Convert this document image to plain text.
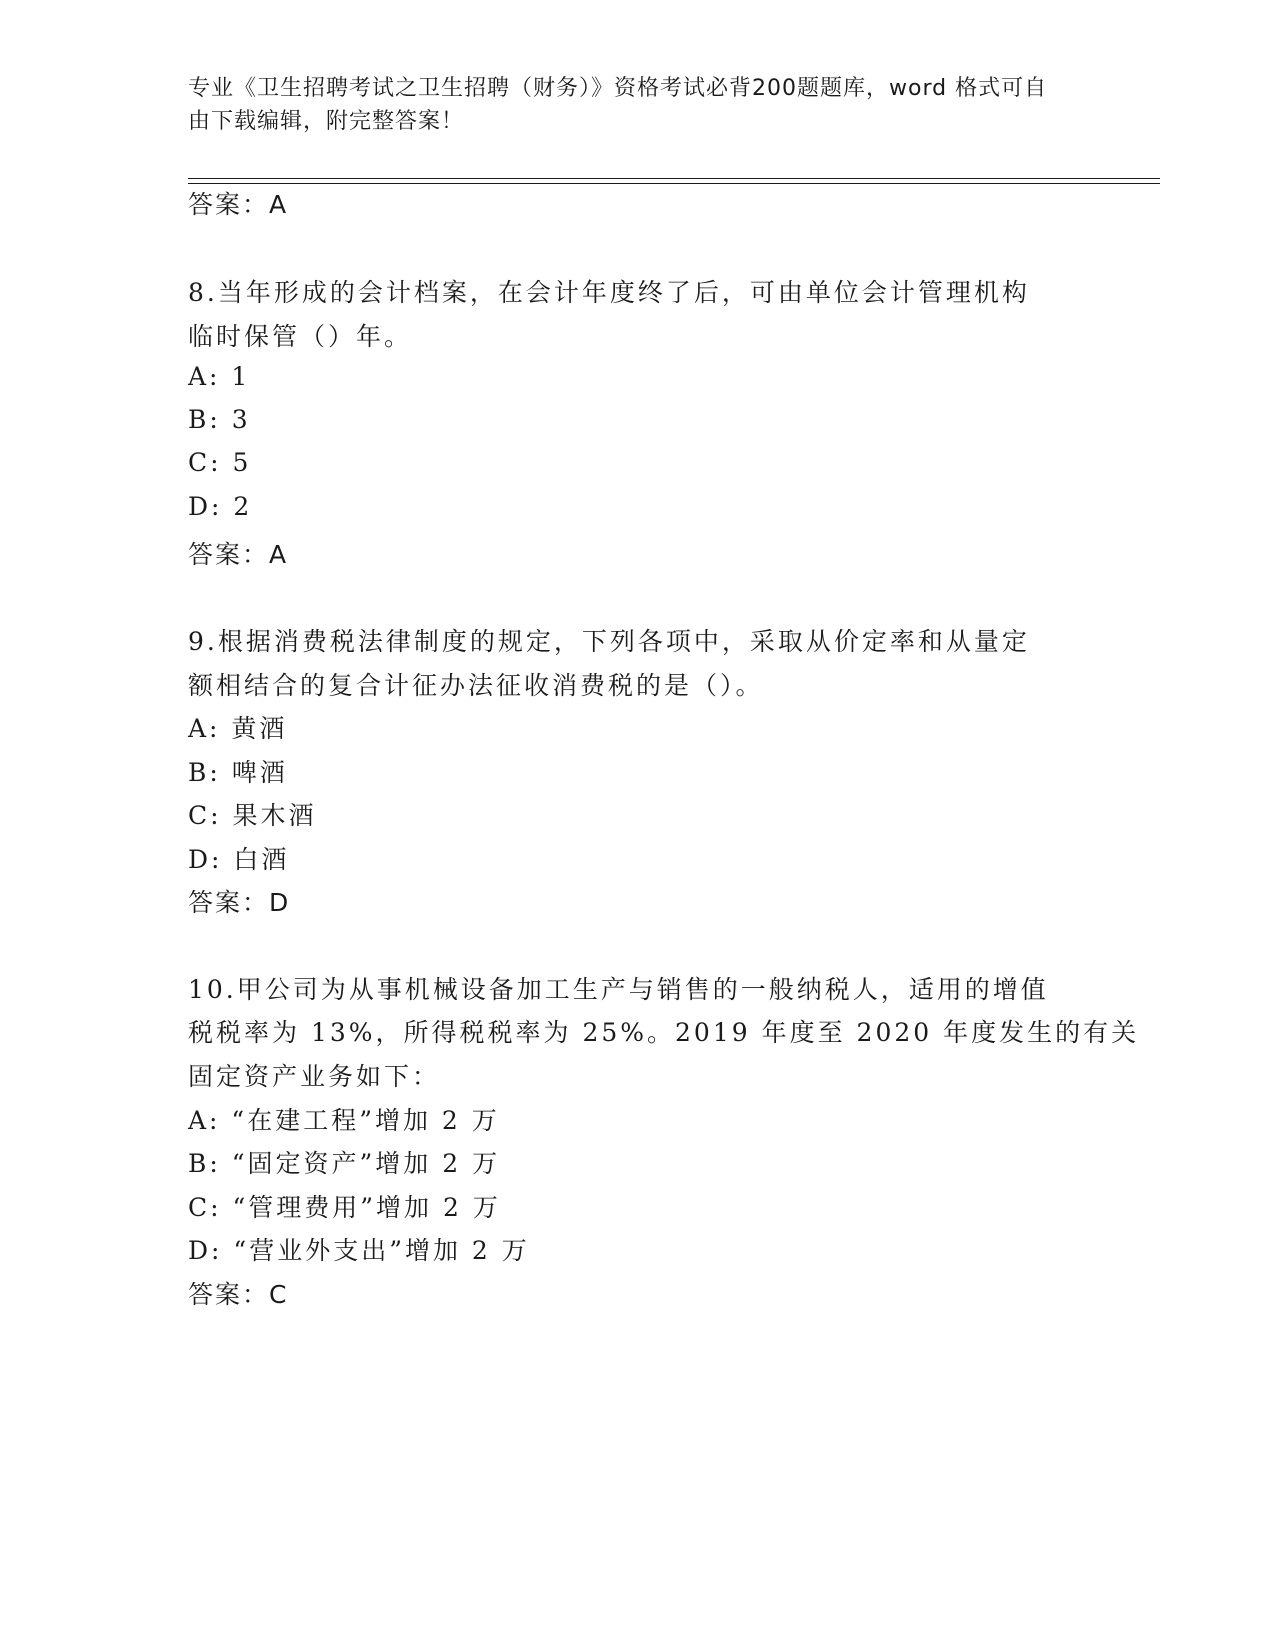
专业《卫生招聘考试之卫生招聘（财务）》资格考试必背200题题库，word 格式可自由下载编辑，附完整答案！
答案：A
8.当年形成的会计档案，在会计年度终了后，可由单位会计管理机构
临时保管（）年。
A: 1
B: 3
C: 5
D: 2
答案：A
9.根据消费税法律制度的规定，下列各项中，采取从价定率和从量定
额相结合的复合计征办法征收消费税的是（）。
A: 黄酒
B: 啤酒
C: 果木酒
D: 白酒
答案：D
10.甲公司为从事机械设备加工生产与销售的一般纳税人，适用的增值
税税率为 13%，所得税税率为 25%。2019 年度至 2020 年度发生的有关
固定资产业务如下：
A: “在建工程”增加 2 万
B: “固定资产”增加 2 万
C: “管理费用”增加 2 万
D: “营业外支出”增加 2 万
答案：C
